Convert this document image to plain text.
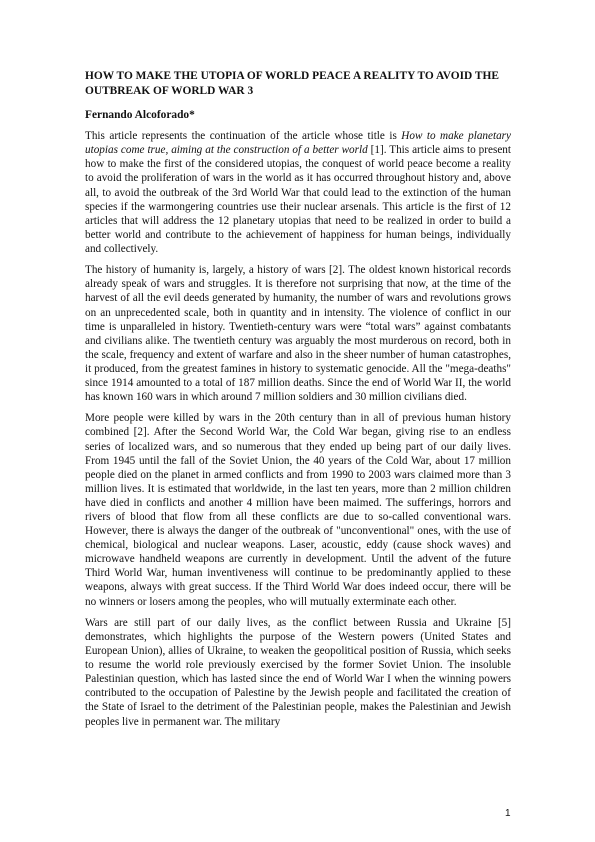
HOW TO MAKE THE UTOPIA OF WORLD PEACE A REALITY TO AVOID THE OUTBREAK OF WORLD WAR 3

Fernando Alcoforado*

This article represents the continuation of the article whose title is How to make planetary utopias come true, aiming at the construction of a better world [1]. This article aims to present how to make the first of the considered utopias, the conquest of world peace become a reality to avoid the proliferation of wars in the world as it has occurred throughout history and, above all, to avoid the outbreak of the 3rd World War that could lead to the extinction of the human species if the warmongering countries use their nuclear arsenals. This article is the first of 12 articles that will address the 12 planetary utopias that need to be realized in order to build a better world and contribute to the achievement of happiness for human beings, individually and collectively.

The history of humanity is, largely, a history of wars [2]. The oldest known historical records already speak of wars and struggles. It is therefore not surprising that now, at the time of the harvest of all the evil deeds generated by humanity, the number of wars and revolutions grows on an unprecedented scale, both in quantity and in intensity. The violence of conflict in our time is unparalleled in history. Twentieth-century wars were “total wars” against combatants and civilians alike. The twentieth century was arguably the most murderous on record, both in the scale, frequency and extent of warfare and also in the sheer number of human catastrophes, it produced, from the greatest famines in history to systematic genocide. All the "mega-deaths" since 1914 amounted to a total of 187 million deaths. Since the end of World War II, the world has known 160 wars in which around 7 million soldiers and 30 million civilians died.

More people were killed by wars in the 20th century than in all of previous human history combined [2]. After the Second World War, the Cold War began, giving rise to an endless series of localized wars, and so numerous that they ended up being part of our daily lives. From 1945 until the fall of the Soviet Union, the 40 years of the Cold War, about 17 million people died on the planet in armed conflicts and from 1990 to 2003 wars claimed more than 3 million lives. It is estimated that worldwide, in the last ten years, more than 2 million children have died in conflicts and another 4 million have been maimed. The sufferings, horrors and rivers of blood that flow from all these conflicts are due to so-called conventional wars. However, there is always the danger of the outbreak of "unconventional" ones, with the use of chemical, biological and nuclear weapons. Laser, acoustic, eddy (cause shock waves) and microwave handheld weapons are currently in development. Until the advent of the future Third World War, human inventiveness will continue to be predominantly applied to these weapons, always with great success. If the Third World War does indeed occur, there will be no winners or losers among the peoples, who will mutually exterminate each other.

Wars are still part of our daily lives, as the conflict between Russia and Ukraine [5] demonstrates, which highlights the purpose of the Western powers (United States and European Union), allies of Ukraine, to weaken the geopolitical position of Russia, which seeks to resume the world role previously exercised by the former Soviet Union. The insoluble Palestinian question, which has lasted since the end of World War I when the winning powers contributed to the occupation of Palestine by the Jewish people and facilitated the creation of the State of Israel to the detriment of the Palestinian people, makes the Palestinian and Jewish peoples live in permanent war. The military

1
